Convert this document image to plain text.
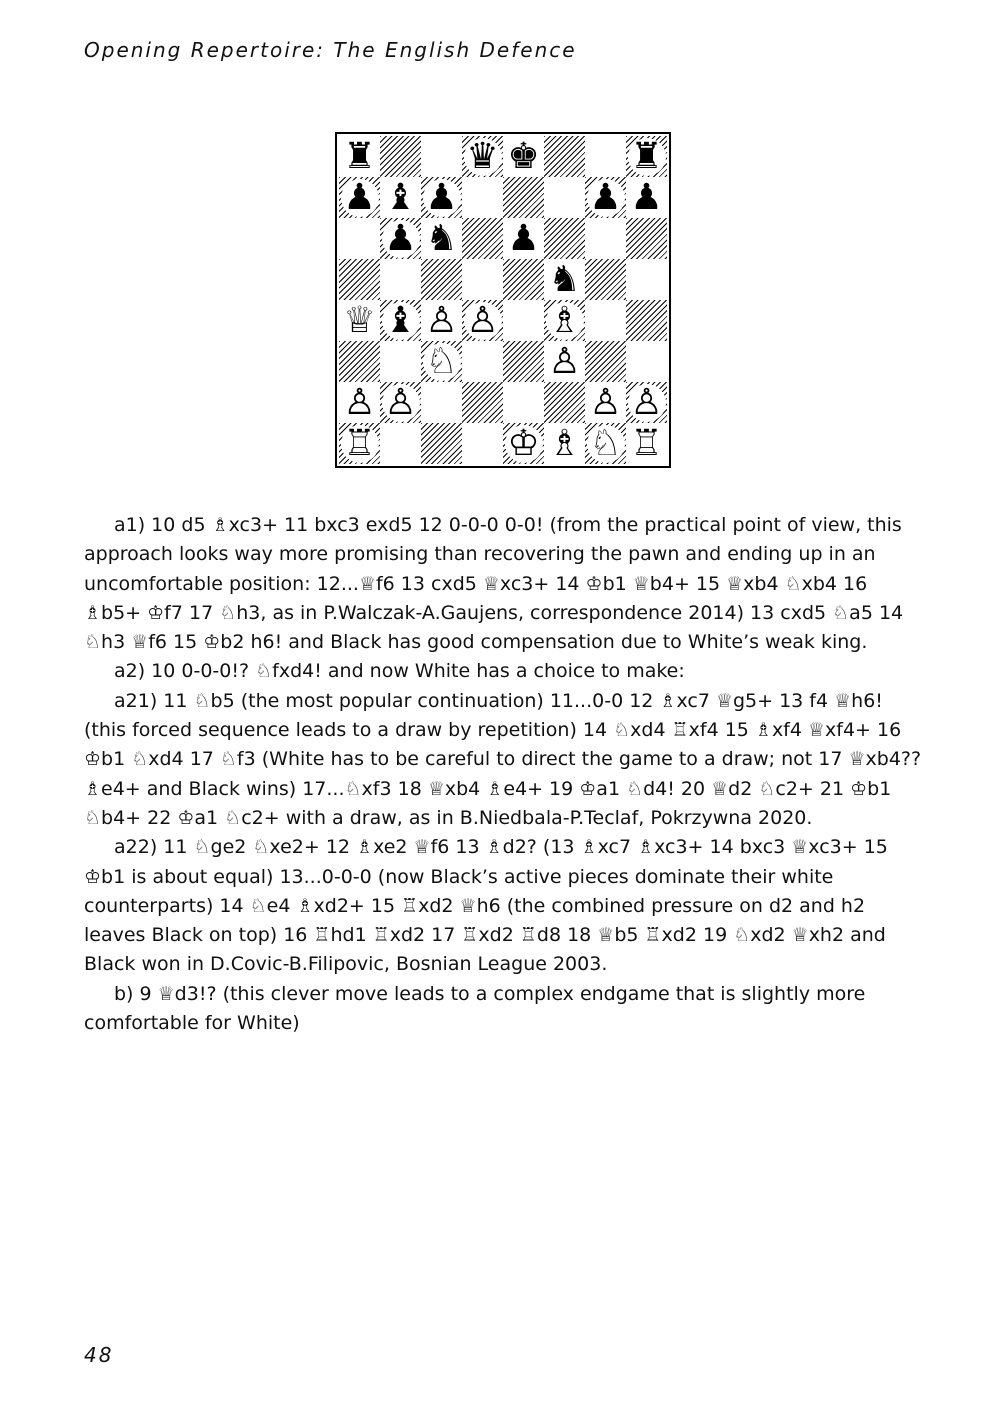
Opening Repertoire: The English Defence
♜	♛ ♚	♜
♟ ♝ ♟	♟ ♟
♟ ♞ ♟
♞
♕ ♝ ♙ ♙ ♗
♘	♙
♙ ♙	♙ ♙
♖	♔ ♗ ♘ ♖

a1) 10 d5 ♗xc3+ 11 bxc3 exd5 12 0-0-0 0-0! (from the practical point of view, this approach looks way more promising than recovering the pawn and ending up in an uncomfortable position: 12...♕f6 13 cxd5 ♕xc3+ 14 ♔b1 ♕b4+ 15 ♕xb4 ♘xb4 16 ♗b5+ ♔f7 17 ♘h3, as in P.Walczak-A.Gaujens, correspondence 2014) 13 cxd5 ♘a5 14 ♘h3 ♕f6 15 ♔b2 h6! and Black has good compensation due to White’s weak king.

a2) 10 0-0-0!? ♘fxd4! and now White has a choice to make:

a21) 11 ♘b5 (the most popular continuation) 11...0-0 12 ♗xc7 ♕g5+ 13 f4 ♕h6! (this forced sequence leads to a draw by repetition) 14 ♘xd4 ♖xf4 15 ♗xf4 ♕xf4+ 16 ♔b1 ♘xd4 17 ♘f3 (White has to be careful to direct the game to a draw; not 17 ♕xb4?? ♗e4+ and Black wins) 17...♘xf3 18 ♕xb4 ♗e4+ 19 ♔a1 ♘d4! 20 ♕d2 ♘c2+ 21 ♔b1 ♘b4+ 22 ♔a1 ♘c2+ with a draw, as in B.Niedbala-P.Teclaf, Pokrzywna 2020.

a22) 11 ♘ge2 ♘xe2+ 12 ♗xe2 ♕f6 13 ♗d2? (13 ♗xc7 ♗xc3+ 14 bxc3 ♕xc3+ 15 ♔b1 is about equal) 13...0-0-0 (now Black’s active pieces dominate their white counterparts) 14 ♘e4 ♗xd2+ 15 ♖xd2 ♕h6 (the combined pressure on d2 and h2 leaves Black on top) 16 ♖hd1 ♖xd2 17 ♖xd2 ♖d8 18 ♕b5 ♖xd2 19 ♘xd2 ♕xh2 and Black won in D.Covic-B.Filipovic, Bosnian League 2003.

b) 9 ♕d3!? (this clever move leads to a complex endgame that is slightly more comfortable for White)

48
